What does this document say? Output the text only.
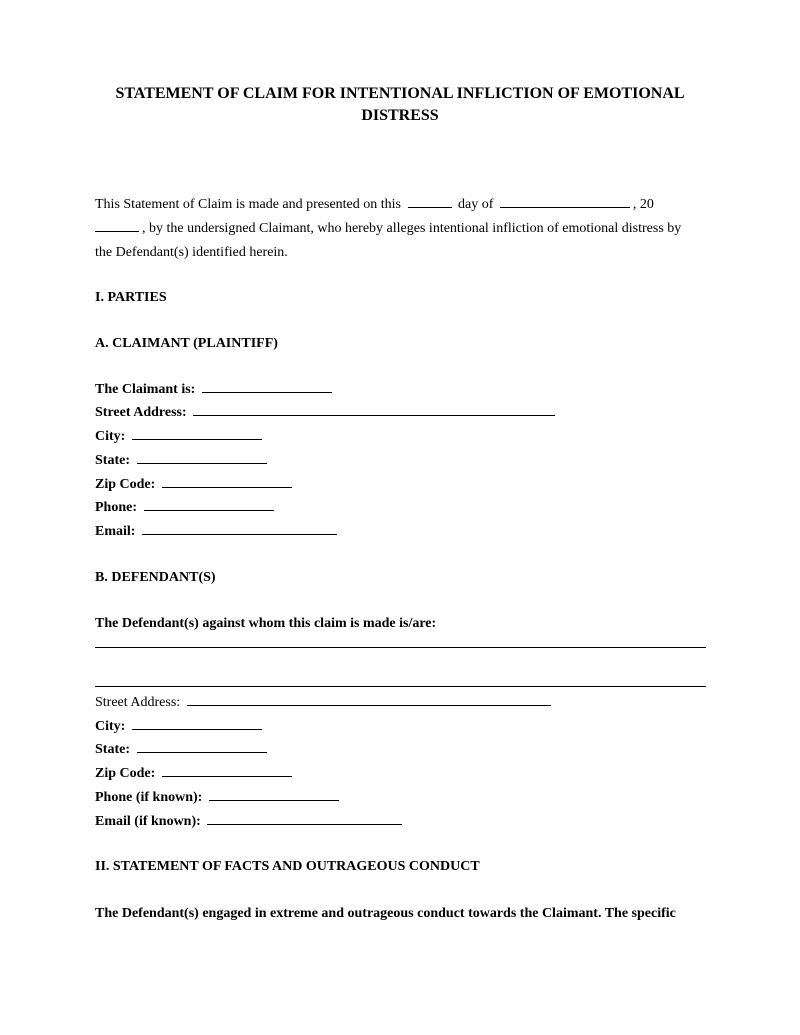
STATEMENT OF CLAIM FOR INTENTIONAL INFLICTION OF EMOTIONAL DISTRESS
This Statement of Claim is made and presented on this	day of	, 20
, by the undersigned Claimant, who hereby alleges intentional infliction of emotional distress by
the Defendant(s) identified herein.
I. PARTIES
A. CLAIMANT (PLAINTIFF)
The Claimant is:
Street Address:
City:
State:
Zip Code:
Phone:
Email:
B. DEFENDANT(S)
The Defendant(s) against whom this claim is made is/are:
Street Address:
City:
State:
Zip Code:
Phone (if known):
Email (if known):
II. STATEMENT OF FACTS AND OUTRAGEOUS CONDUCT
The Defendant(s) engaged in extreme and outrageous conduct towards the Claimant. The specific
